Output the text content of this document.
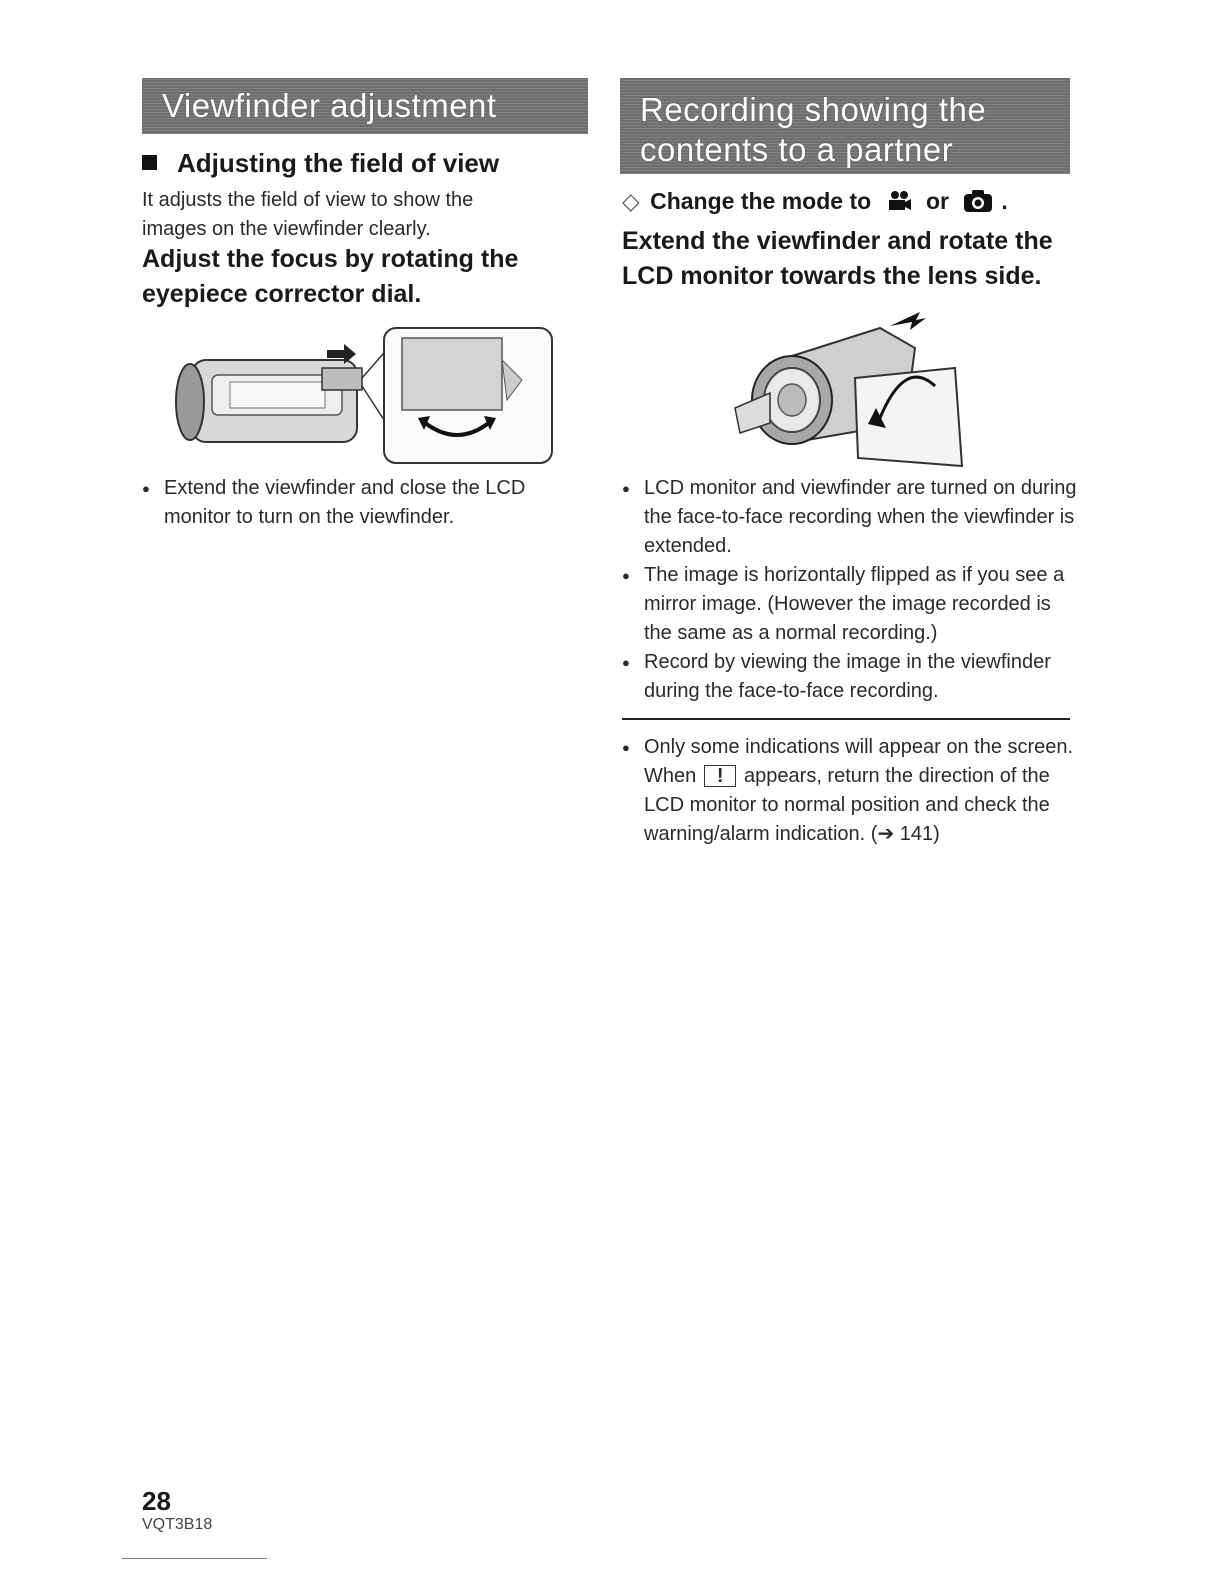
Viewfinder adjustment
Adjusting the field of view

It adjusts the field of view to show the images on the viewfinder clearly.

Adjust the focus by rotating the eyepiece corrector dial.

● Extend the viewfinder and close the LCD monitor to turn on the viewfinder.
Recording showing the
contents to a partner

◇ Change the mode to or .

Extend the viewfinder and rotate the LCD monitor towards the lens side.

● LCD monitor and viewfinder are turned on during the face-to-face recording when the viewfinder is extended.
● The image is horizontally flipped as if you see a mirror image. (However the image recorded is the same as a normal recording.)
● Record by viewing the image in the viewfinder during the face-to-face recording.
● Only some indications will appear on the screen. When ! appears, return the direction of the LCD monitor to normal position and check the warning/alarm indication. (➔ 141)

28

VQT3B18
